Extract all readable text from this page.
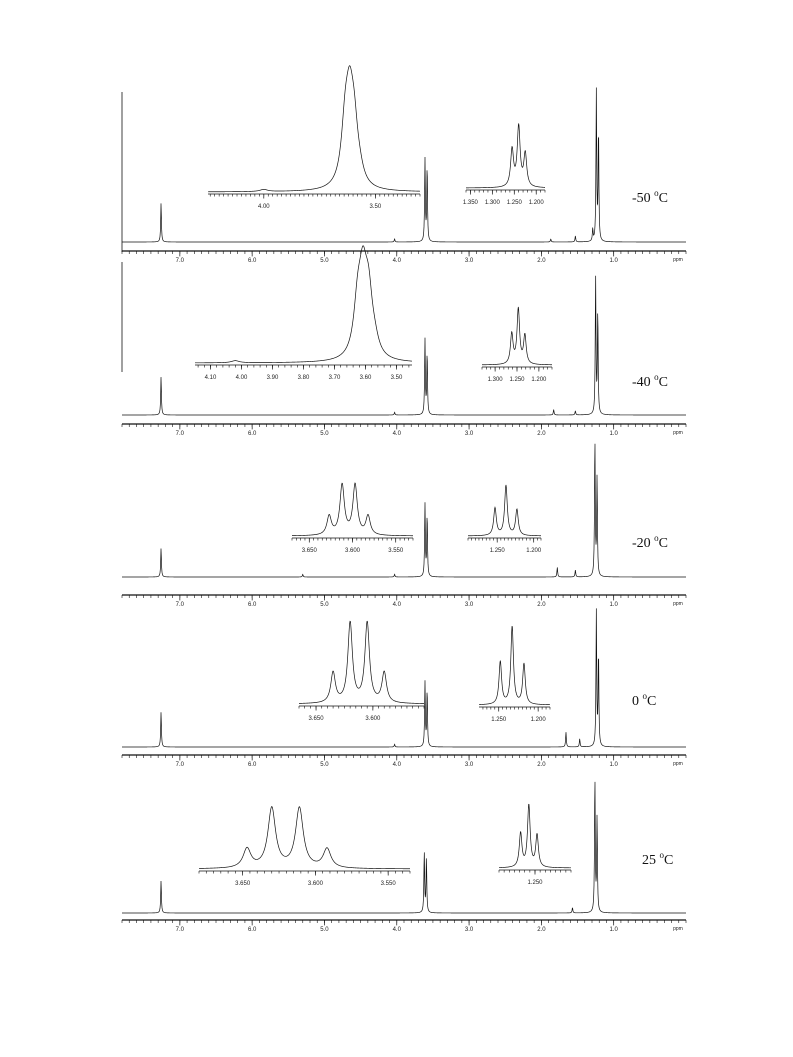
7.0	6.0	5.0	4.0	3.0	2.0	1.0	ppm
4.00	3.50
1.350 1.300 1.250 1.200	-50 $^o$C
7.0	6.0	5.0	4.0	3.0	2.0	1.0	ppm
4.10	4.00	3.90	3.80	3.70	3.60	3.50	1.300 1.250 1.200	-40 $^o$C
7.0	6.0	5.0	4.0	3.0	2.0	1.0	ppm
3.650	3.600	3.550	1.250	1.200	-20 $^o$C
7.0	6.0	5.0	4.0	3.0	2.0	1.0	ppm
3.650	3.600	1.250	1.200
0 $^o$C
7.0	6.0	5.0	4.0	3.0	2.0	1.0	ppm
3.650	3.600	3.550	1.250
25 $^o$C
